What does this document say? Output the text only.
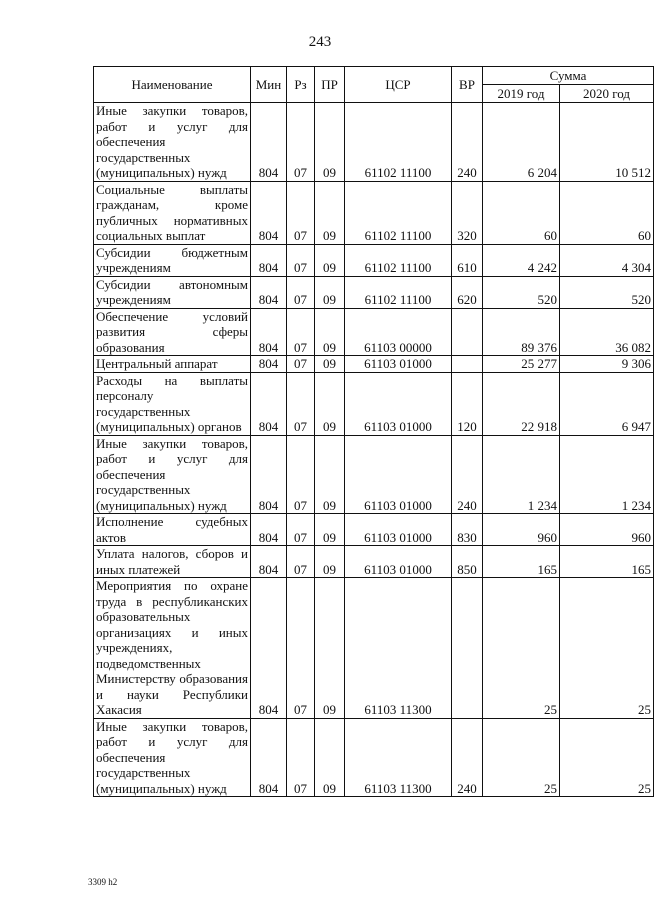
243
Наименование	Мин	Рз	ПР	ЦСР	ВР	Сумма	
						2019 год	2020 год
Иные закупки товаров, работ и услуг для обеспечения государственных (муниципальных) нужд	804	07	09	61102 11100	240	6 204	10 512
Социальные выплаты гражданам, кроме публичных нормативных социальных выплат	804	07	09	61102 11100	320	60	60
Субсидии бюджетным учреждениям	804	07	09	61102 11100	610	4 242	4 304
Субсидии автономным учреждениям	804	07	09	61102 11100	620	520	520
Обеспечение условий развития сферы образования	804	07	09	61103 00000		89 376	36 082
Центральный аппарат	804	07	09	61103 01000		25 277	9 306
Расходы на выплаты персоналу государственных (муниципальных) органов	804	07	09	61103 01000	120	22 918	6 947
Иные закупки товаров, работ и услуг для обеспечения государственных (муниципальных) нужд	804	07	09	61103 01000	240	1 234	1 234
Исполнение судебных актов	804	07	09	61103 01000	830	960	960
Уплата налогов, сборов и иных платежей	804	07	09	61103 01000	850	165	165
Мероприятия по охране труда в республиканских образовательных организациях и иных учреждениях, подведомственных Министерству образования и науки Республики Хакасия	804	07	09	61103 11300		25	25
Иные закупки товаров, работ и услуг для обеспечения государственных (муниципальных) нужд	804	07	09	61103 11300	240	25	25
3309 h2
